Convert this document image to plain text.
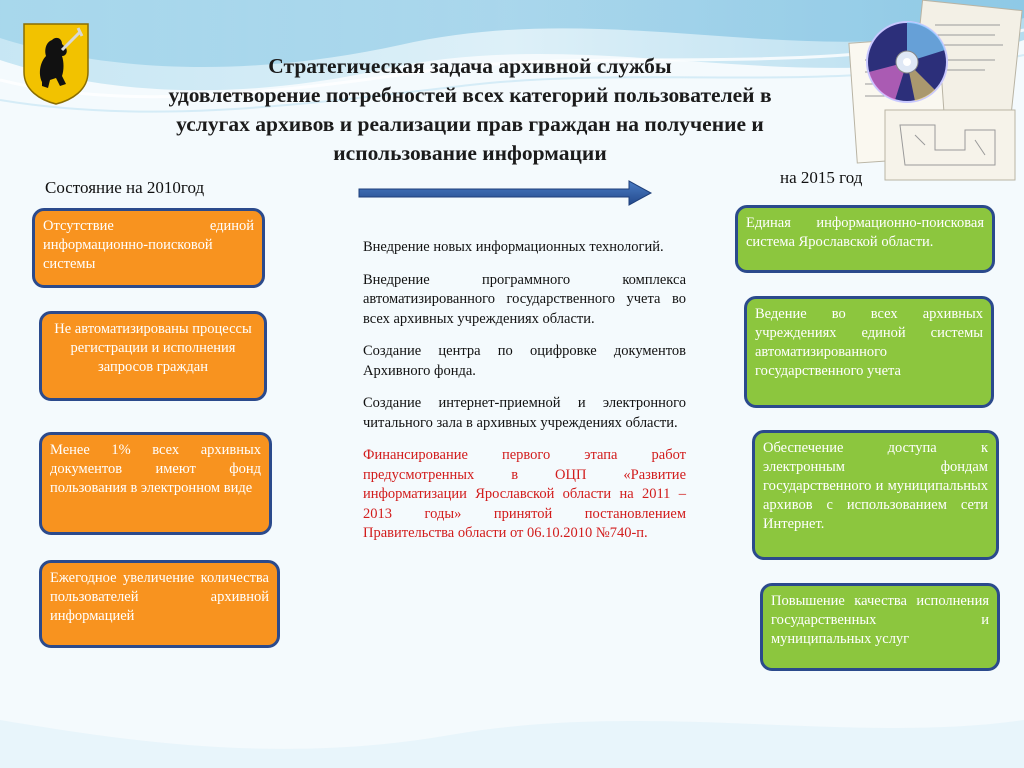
Стратегическая задача архивной службы
удовлетворение потребностей всех категорий пользователей в
услугах архивов и реализации прав граждан на получение и
использование информации
Состояние на 2010год
на 2015 год
Отсутствие единой информационно-поисковой системы
Не автоматизированы процессы регистрации и исполнения запросов граждан
Менее 1% всех архивных документов имеют фонд пользования в электронном виде
Ежегодное увеличение количества пользователей архивной информацией

Внедрение новых информационных технологий.

Внедрение программного комплекса автоматизированного государственного учета во всех архивных учреждениях области.

Создание центра по оцифровке документов Архивного фонда.

Создание интернет-приемной и электронного читального зала в архивных учреждениях области.

Финансирование первого этапа работ предусмотренных в ОЦП «Развитие информатизации Ярославской области на 2011 – 2013 годы» принятой постановлением Правительства области от 06.10.2010 №740-п.

Единая информационно-поисковая система Ярославской области.
Ведение во всех архивных учреждениях единой системы автоматизированного государственного учета
Обеспечение доступа к электронным фондам государственного и муниципальных архивов с использованием сети Интернет.
Повышение качества исполнения государственных и муниципальных услуг
